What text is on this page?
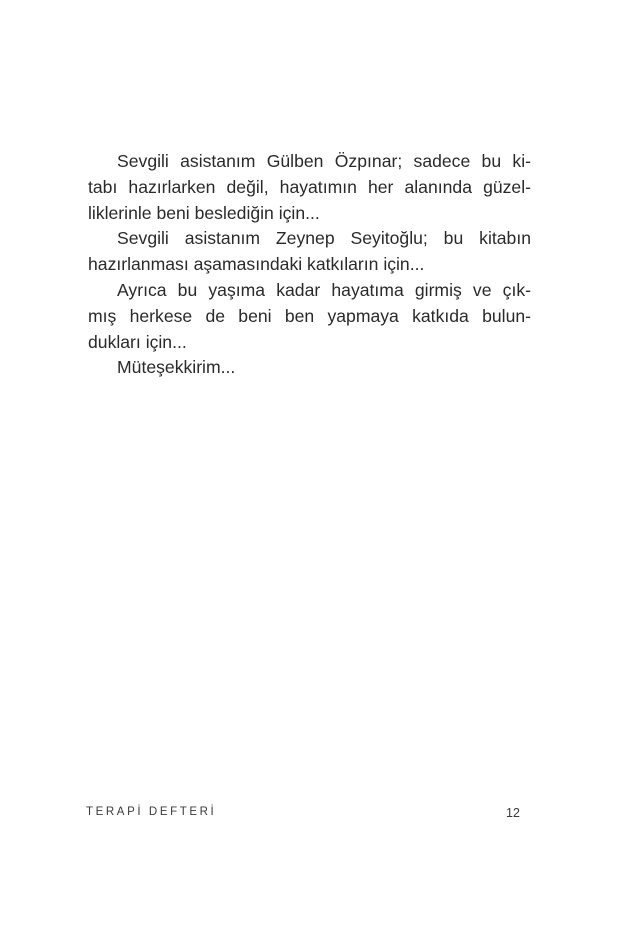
Sevgili asistanım Gülben Özpınar; sadece bu ki-
tabı hazırlarken değil, hayatımın her alanında güzel-
liklerinle beni beslediğin için...
Sevgili asistanım Zeynep Seyitoğlu; bu kitabın
hazırlanması aşamasındaki katkıların için...
Ayrıca bu yaşıma kadar hayatıma girmiş ve çık-
mış herkese de beni ben yapmaya katkıda bulun-
dukları için...
Müteşekkirim...
TERAPİ DEFTERİ	12
